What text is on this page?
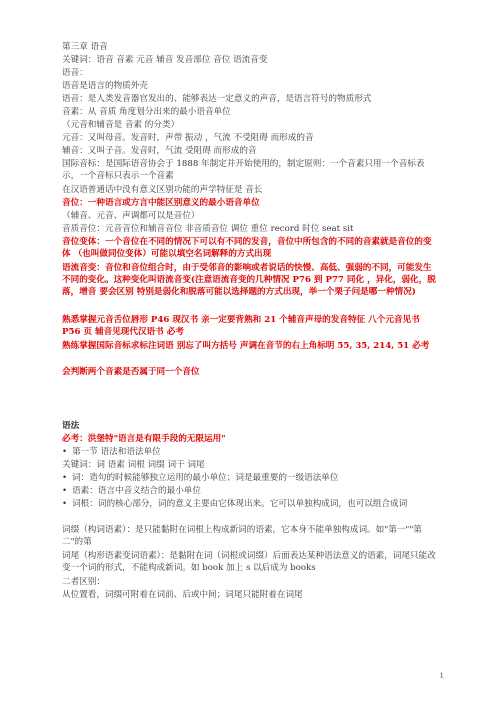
第三章 语音
关键词：语音 音素 元音 辅音 发音部位 音位 语流音变
语音：
语音是语言的物质外壳
语音：是人类发音器官发出的、能够表达一定意义的声音，是语言符号的物质形式
音素：从 音质 角度划分出来的最小语音单位
（元音和辅音是 音素 的分类）
元音：又叫母音。发音时，声带 振动 ，气流 不受阻碍 而形成的音
辅音：又叫子音。发音时，气流 受阻碍 而形成的音
国际音标：是国际语音协会于 1888 年制定并开始使用的，制定原则：一个音素只用一个音标表示，一个音标只表示一个音素
在汉语普通话中没有意义区别功能的声学特征是 音长
音位：一种语言或方言中能区别意义的最小语音单位
（辅音、元音、声调都可以是音位）
音质音位：元音音位和辅音音位 非音质音位 调位 重位 record 时位 seat sit
音位变体：一个音位在不同的情况下可以有不同的发音，音位中所包含的不同的音素就是音位的变体 （也叫做同位变体）可能以填空名词解释的方式出现
语流音变：音位和音位组合时，由于受邻音的影响或者说话的快慢、高低、强弱的不同，可能发生不同的变化。这种变化叫语流音变(注意语流音变的几种情况 P76 到 P77 同化 ，异化，弱化，脱落，增音 要会区别 特别是弱化和脱落可能以选择题的方式出现，举一个栗子问是哪一种情况)
熟悉掌握元音舌位唇形 P46 现汉书 亲一定要背熟和 21 个辅音声母的发音特征 八个元音见书 P56 页 辅音见现代汉语书 必考
熟练掌握国际音标求标注词语 别忘了叫方括号 声调在音节的右上角标明 55, 35, 214, 51 必考
会判断两个音素是否属于同一个音位
语法
必考：洪堡特"语言是有限手段的无限运用"
• 第一节 语法和语法单位
关键词：词 语素 词根 词缀 词干 词尾
• 词：造句的时候能够独立运用的最小单位；词是最重要的一级语法单位
• 语素：语言中音义结合的最小单位
• 词根：词的核心部分，词的意义主要由它体现出来。它可以单独构成词，也可以组合成词
词缀（构词语素）：是只能黏附在词根上构成新词的语素，它本身不能单独构成词。如"第一""第二"的第
词尾（构形语素变词语素）：是黏附在词（词根或词缀）后面表达某种语法意义的语素，词尾只能改变一个词的形式，不能构成新词。如 book 加上 s 以后成为 books
二者区别：
从位置看，词缀可附着在词前、后或中间；词尾只能附着在词尾
1
